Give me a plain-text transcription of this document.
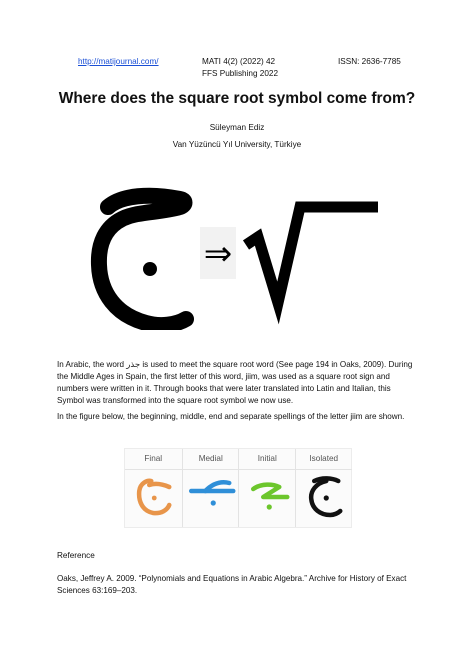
http://matijournal.com/	MATI 4(2) (2022) 42
FFS Publishing 2022
ISSN: 2636-7785
Where does the square root symbol come from?
Süleyman Ediz
Van Yüzüncü Yıl University, Türkiye
⇒
In Arabic, the word جذر is used to meet the square root word (See page 194 in Oaks, 2009). During the Middle Ages in Spain, the first letter of this word, jiim, was used as a square root sign and numbers were written in it. Through books that were later translated into Latin and Italian, this Symbol was transformed into the square root symbol we now use.
In the figure below, the beginning, middle, end and separate spellings of the letter jiim are shown.
Final	Medial	Initial	Isolated
Reference
Oaks, Jeffrey A. 2009. “Polynomials and Equations in Arabic Algebra.” Archive for History of Exact Sciences 63:169–203.
